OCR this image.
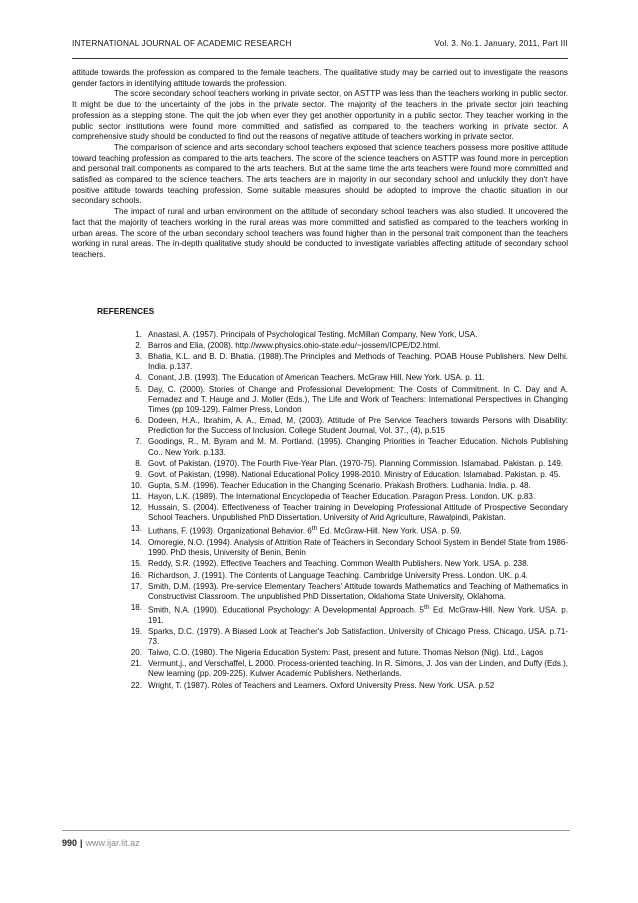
INTERNATIONAL JOURNAL OF ACADEMIC RESEARCH	Vol. 3. No.1. January, 2011, Part III

attitude towards the profession as compared to the female teachers. The qualitative study may be carried out to investigate the reasons gender factors in identifying attitude towards the profession.

The score secondary school teachers working in private sector, on ASTTP was less than the teachers working in public sector. It might be due to the uncertainty of the jobs in the private sector. The majority of the teachers in the private sector join teaching profession as a stepping stone. The quit the job when ever they get another opportunity in a public sector. They teacher working in the public sector institutions were found more committed and satisfied as compared to the teachers working in private sector. A comprehensive study should be conducted to find out the reasons of negative attitude of teachers working in private sector.

The comparison of science and arts secondary school teachers exposed that science teachers possess more positive attitude toward teaching profession as compared to the arts teachers. The score of the science teachers on ASTTP was found more in perception and personal trait components as compared to the arts teachers. But at the same time the arts teachers were found more committed and satisfied as compared to the science teachers. The arts teachers are in majority in our secondary school and unluckily they don't have positive attitude towards teaching profession. Some suitable measures should be adopted to improve the chaotic situation in our secondary schools.

The impact of rural and urban environment on the attitude of secondary school teachers was also studied. It uncovered the fact that the majority of teachers working in the rural areas was more committed and satisfied as compared to the teachers working in urban areas. The score of the urban secondary school teachers was found higher than in the personal trait component than the teachers working in rural areas. The in-depth qualitative study should be conducted to investigate variables affecting attitude of secondary school teachers.

REFERENCES
1. Anastasi, A. (1957). Principals of Psychological Testing. McMillan Company, New York, USA.
2. Barros and Elia, (2008). http://www.physics.ohio-state.edu/~jossem/ICPE/D2.html.
3. Bhatia, K.L. and B. D. Bhatia. (1988).The Principles and Methods of Teaching. POAB House Publishers. New Delhi. India. p.137.
4. Conant, J.B. (1993). The Education of American Teachers. McGraw Hill. New York. USA. p. 11.
5. Day, C. (2000). Stories of Change and Professional Development: The Costs of Commitment. In C. Day and A. Fernadez and T. Hauge and J. Moller (Eds.), The Life and Work of Teachers: International Perspectives in Changing Times (pp 109-129). Falmer Press, London
6. Dodeen, H.A., Ibrahim, A. A., Emad, M, (2003). Attitude of Pre Service Teachers towards Persons with Disability: Prediction for the Success of Inclusion. College Student Journal, Vol. 37., (4), p.515
7. Goodings, R., M. Byram and M. M. Portland. (1995). Changing Priorities in Teacher Education. Nichols Publishing Co.. New York. p.133.
8. Govt. of Pakistan. (1970). The Fourth Five-Year Plan. (1970-75). Planning Commission. Islamabad. Pakistan. p. 149.
9. Govt. of Pakistan. (1998). National Educational Policy 1998-2010. Ministry of Education. Islamabad. Pakistan. p. 45.
10. Gupta, S.M. (1996). Teacher Education in the Changing Scenario. Prakash Brothers. Ludhania. India. p. 48.
11. Hayon, L.K. (1989). The International Encyclopedia of Teacher Education. Paragon Press. London. UK. p.83.
12. Hussain, S. (2004). Effectiveness of Teacher training in Developing Professional Attitude of Prospective Secondary School Teachers. Unpublished PhD Dissertation. University of Arid Agriculture, Rawalpindi, Pakistan.
13. Luthans, F. (1993). Organizational Behavior. 6th Ed. McGraw-Hill. New York. USA. p. 59.
14. Omoregie, N.O. (1994). Analysis of Attrition Rate of Teachers in Secondary School System in Bendel State from 1986-1990. PhD thesis, University of Benin, Benin
15. Reddy, S.R. (1992). Effective Teachers and Teaching. Common Wealth Publishers. New York. USA. p. 238.
16. Richardson, J. (1991). The Contents of Language Teaching. Cambridge University Press. London. UK. p.4.
17. Smith, D.M. (1993). Pre-service Elementary Teachers' Attitude towards Mathematics and Teaching of Mathematics in Constructivist Classroom. The unpublished PhD Dissertation, Oklahoma State University, Oklahoma.
18. Smith, N.A. (1990). Educational Psychology: A Developmental Approach. 5th Ed. McGraw-Hill. New York. USA. p. 191.
19. Sparks, D.C. (1979). A Biased Look at Teacher's Job Satisfaction. University of Chicago Press. Chicago. USA. p.71-73.
20. Taiwo, C.O. (1980). The Nigeria Education System: Past, present and future. Thomas Nelson (Nig). Ltd., Lagos
21. Vermunt,j., and Verschaffel, L 2000. Process-oriented teaching. In R. Simons, J. Jos van der Linden, and Duffy (Eds.), New learning (pp. 209-225). Kulwer Academic Publishers. Netherlands.
22. Wright, T. (1987). Roles of Teachers and Learners. Oxford University Press. New York. USA. p.52
990 | www.ijar.lit.az
